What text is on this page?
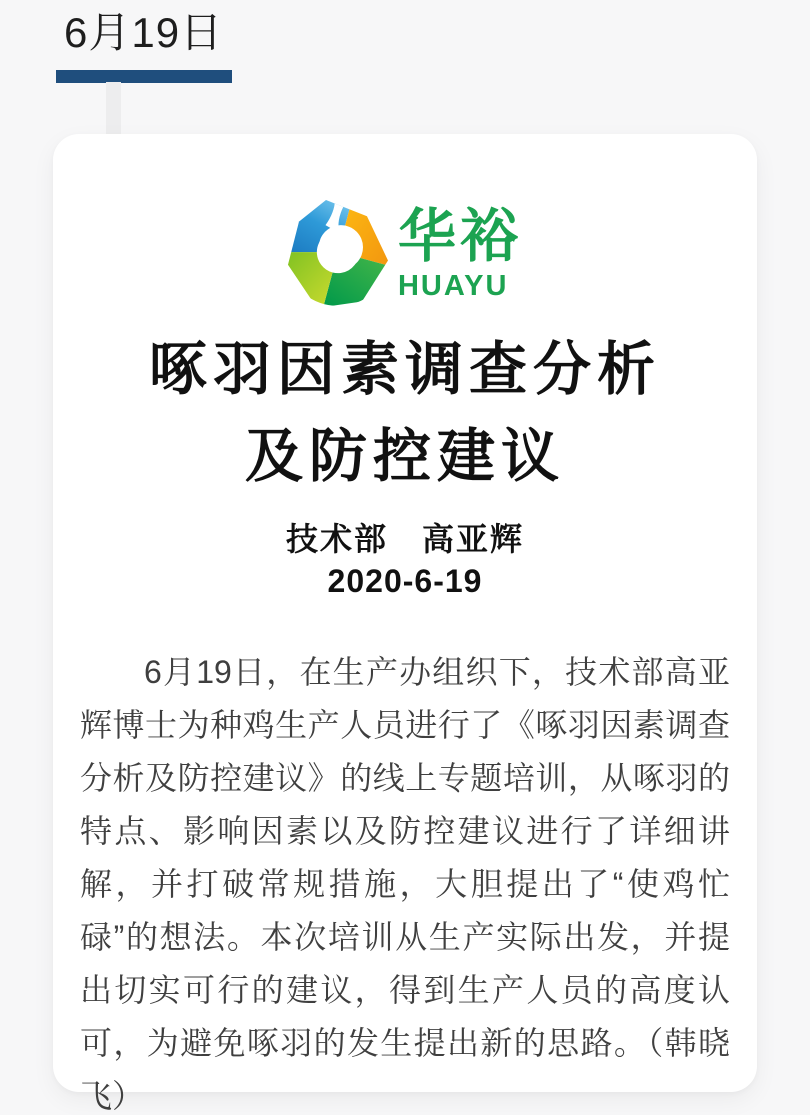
6月19日
华裕
HUAYU
啄羽因素调查分析
及防控建议
技术部　高亚辉
2020-6-19

6月19日，在生产办组织下，技术部高亚辉博士为种鸡生产人员进行了《啄羽因素调查分析及防控建议》的线上专题培训，从啄羽的特点、影响因素以及防控建议进行了详细讲解，并打破常规措施，大胆提出了“使鸡忙碌”的想法。本次培训从生产实际出发，并提出切实可行的建议，得到生产人员的高度认可，为避免啄羽的发生提出新的思路。（韩晓飞）
